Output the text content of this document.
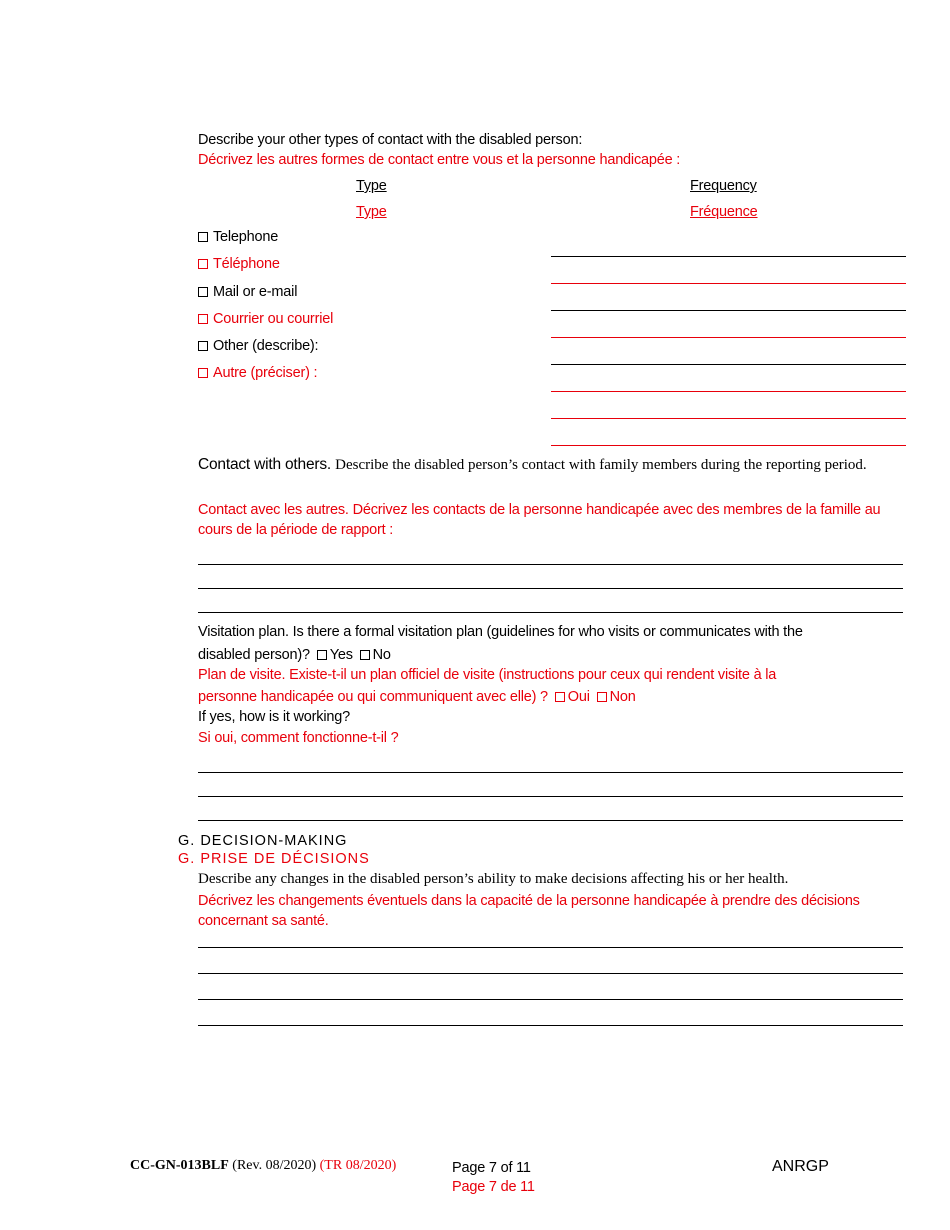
Describe your other types of contact with the disabled person:
Décrivez les autres formes de contact entre vous et la personne handicapée :
Type
Type
Frequency
Fréquence
Telephone
Téléphone
Mail or e-mail
Courrier ou courriel
Other (describe):
Autre (préciser) :
Contact with others. Describe the disabled person’s contact with family members during the reporting period.
Contact avec les autres. Décrivez les contacts de la personne handicapée avec des membres de la famille au cours de la période de rapport :
Visitation plan. Is there a formal visitation plan (guidelines for who visits or communicates with the
disabled person)? Yes No
Plan de visite. Existe-t-il un plan officiel de visite (instructions pour ceux qui rendent visite à la
personne handicapée ou qui communiquent avec elle) ? Oui Non
If yes, how is it working?
Si oui, comment fonctionne-t-il ?
G. DECISION-MAKING
G. PRISE DE DÉCISIONS
Describe any changes in the disabled person’s ability to make decisions affecting his or her health.
Décrivez les changements éventuels dans la capacité de la personne handicapée à prendre des décisions concernant sa santé.
CC-GN-013BLF (Rev. 08/2020) (TR 08/2020)	Page 7 of 11
Page 7 de 11
ANRGP
